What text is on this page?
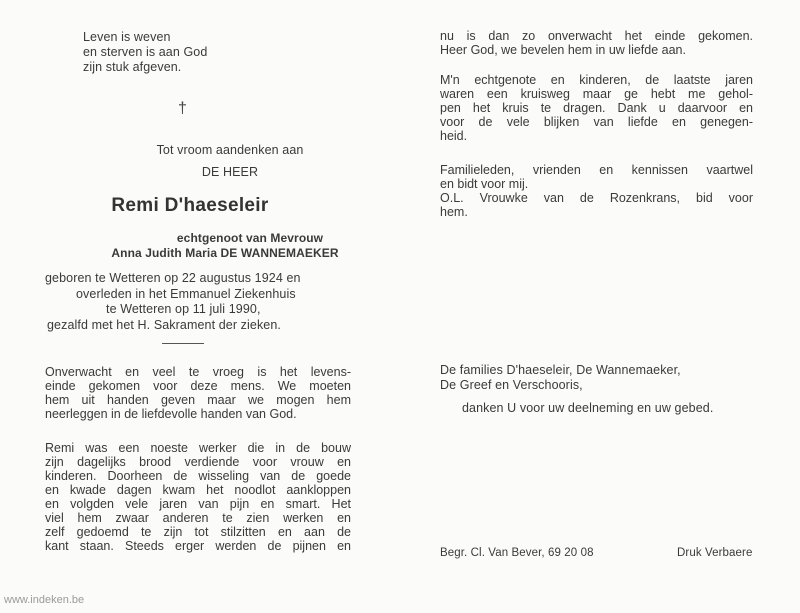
Leven is weven
en sterven is aan God
zijn stuk afgeven.
†
Tot vroom aandenken aan
DE HEER
Remi D'haeseleir
echtgenoot van Mevrouw
Anna Judith Maria DE WANNEMAEKER
geboren te Wetteren op 22 augustus 1924 en
overleden in het Emmanuel Ziekenhuis
te Wetteren op 11 juli 1990,
gezalfd met het H. Sakrament der zieken.
Onverwacht en veel te vroeg is het levens-
einde gekomen voor deze mens. We moeten
hem uit handen geven maar we mogen hem
neerleggen in de liefdevolle handen van God.
Remi was een noeste werker die in de bouw
zijn dagelijks brood verdiende voor vrouw en
kinderen. Doorheen de wisseling van de goede
en kwade dagen kwam het noodlot aankloppen
en volgden vele jaren van pijn en smart. Het
viel hem zwaar anderen te zien werken en
zelf gedoemd te zijn tot stilzitten en aan de
kant staan. Steeds erger werden de pijnen en
nu is dan zo onverwacht het einde gekomen.
Heer God, we bevelen hem in uw liefde aan.
M'n echtgenote en kinderen, de laatste jaren
waren een kruisweg maar ge hebt me gehol-
pen het kruis te dragen. Dank u daarvoor en
voor de vele blijken van liefde en genegen-
heid.
Familieleden, vrienden en kennissen vaartwel
en bidt voor mij.
O.L. Vrouwke van de Rozenkrans, bid voor
hem.
De families D'haeseleir, De Wannemaeker,
De Greef en Verschooris,
danken U voor uw deelneming en uw gebed.
Begr. Cl. Van Bever, 69 20 08	Druk Verbaere
www.indeken.be
